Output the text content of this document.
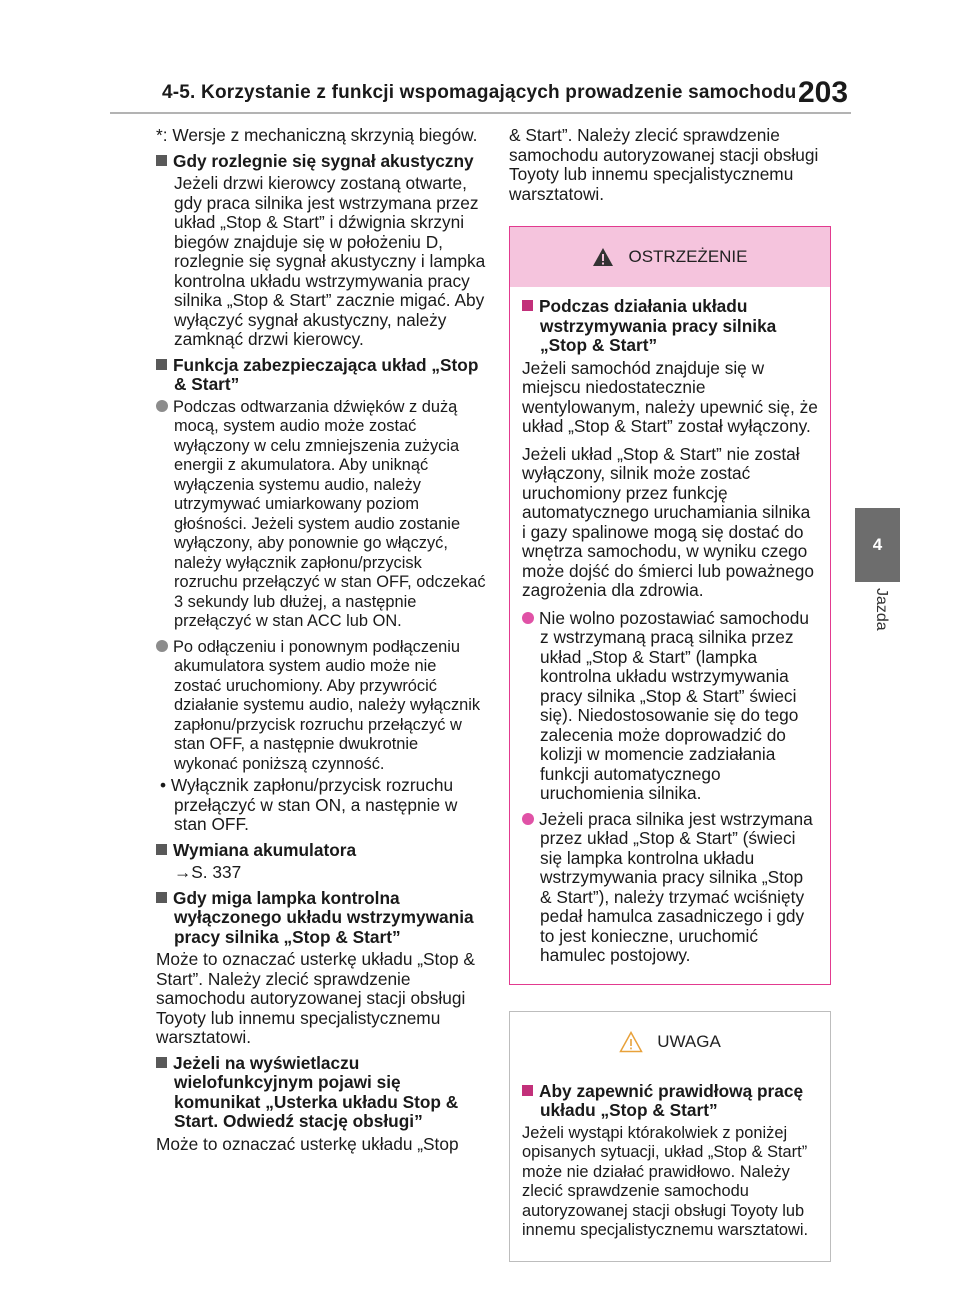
4-5. Korzystanie z funkcji wspomagających prowadzenie samochodu 203
4
Jazda

*: Wersje z mechaniczną skrzynią biegów.

Gdy rozlegnie się sygnał akustyczny

Jeżeli drzwi kierowcy zostaną otwarte, gdy praca silnika jest wstrzymana przez układ „Stop & Start” i dźwignia skrzyni biegów znajduje się w położeniu D, rozlegnie się sygnał akustyczny i lampka kontrolna układu wstrzymywania pracy silnika „Stop & Start” zacznie migać. Aby wyłączyć sygnał akustyczny, należy zamknąć drzwi kierowcy.

Funkcja zabezpieczająca układ „Stop & Start”

Podczas odtwarzania dźwięków z dużą mocą, system audio może zostać wyłączony w celu zmniejszenia zużycia energii z akumulatora. Aby uniknąć wyłączenia systemu audio, należy utrzymywać umiarkowany poziom głośności. Jeżeli system audio zostanie wyłączony, aby ponownie go włączyć, należy wyłącznik zapłonu/przycisk rozruchu przełączyć w stan OFF, odczekać 3 sekundy lub dłużej, a następnie przełączyć w stan ACC lub ON.

Po odłączeniu i ponownym podłączeniu akumulatora system audio może nie zostać uruchomiony. Aby przywrócić działanie systemu audio, należy wyłącznik zapłonu/przycisk rozruchu przełączyć w stan OFF, a następnie dwukrotnie wykonać poniższą czynność.

• Wyłącznik zapłonu/przycisk rozruchu przełączyć w stan ON, a następnie w stan OFF.

Wymiana akumulatora

→S. 337

Gdy miga lampka kontrolna wyłączonego układu wstrzymywania pracy silnika „Stop & Start”

Może to oznaczać usterkę układu „Stop & Start”. Należy zlecić sprawdzenie samochodu autoryzowanej stacji obsługi Toyoty lub innemu specjalistycznemu warsztatowi.

Jeżeli na wyświetlaczu wielofunkcyjnym pojawi się komunikat „Usterka układu Stop & Start. Odwiedź stację obsługi”

Może to oznaczać usterkę układu „Stop

& Start”. Należy zlecić sprawdzenie samochodu autoryzowanej stacji obsługi Toyoty lub innemu specjalistycznemu warsztatowi.

OSTRZEŻENIE
Podczas działania układu wstrzymywania pracy silnika „Stop & Start”

Jeżeli samochód znajduje się w miejscu niedostatecznie wentylowanym, należy upewnić się, że układ „Stop & Start” został wyłączony.

Jeżeli układ „Stop & Start” nie został wyłączony, silnik może zostać uruchomiony przez funkcję automatycznego uruchamiania silnika i gazy spalinowe mogą się dostać do wnętrza samochodu, w wyniku czego może dojść do śmierci lub poważnego zagrożenia dla zdrowia.

Nie wolno pozostawiać samochodu z wstrzymaną pracą silnika przez układ „Stop & Start” (lampka kontrolna układu wstrzymywania pracy silnika „Stop & Start” świeci się). Niedostosowanie się do tego zalecenia może doprowadzić do kolizji w momencie zadziałania funkcji automatycznego uruchomienia silnika.

Jeżeli praca silnika jest wstrzymana przez układ „Stop & Start” (świeci się lampka kontrolna układu wstrzymywania pracy silnika „Stop & Start”), należy trzymać wciśnięty pedał hamulca zasadniczego i gdy to jest konieczne, uruchomić hamulec postojowy.

UWAGA
Aby zapewnić prawidłową pracę układu „Stop & Start”

Jeżeli wystąpi którakolwiek z poniżej opisanych sytuacji, układ „Stop & Start” może nie działać prawidłowo. Należy zlecić sprawdzenie samochodu autoryzowanej stacji obsługi Toyoty lub innemu specjalistycznemu warsztatowi.
